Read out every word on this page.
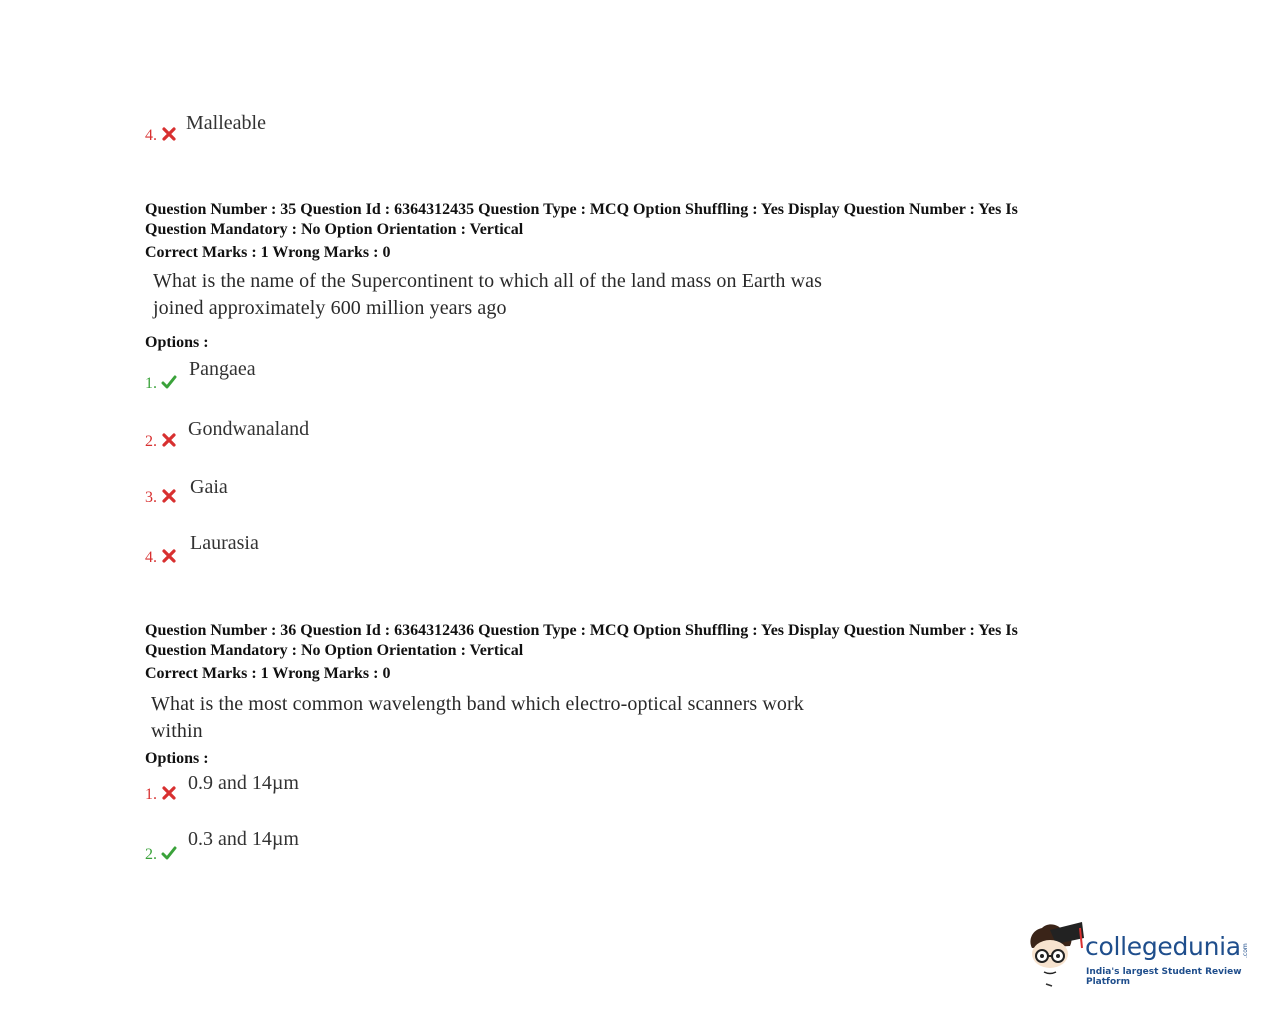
4.
Malleable
Question Number : 35 Question Id : 6364312435 Question Type : MCQ Option Shuffling : Yes Display Question Number : Yes Is
Question Mandatory : No Option Orientation : Vertical
Correct Marks : 1 Wrong Marks : 0
What is the name of the Supercontinent to which all of the land mass on Earth was
joined approximately 600 million years ago
Options :
1.
Pangaea
2.
Gondwanaland
3.	Gaia
4.
Laurasia
Question Number : 36 Question Id : 6364312436 Question Type : MCQ Option Shuffling : Yes Display Question Number : Yes Is
Question Mandatory : No Option Orientation : Vertical
Correct Marks : 1 Wrong Marks : 0
What is the most common wavelength band which electro-optical scanners work
within
Options :
1.
0.9 and 14µm
2.
0.3 and 14µm
collegedunia .com
India's largest Student Review Platform
